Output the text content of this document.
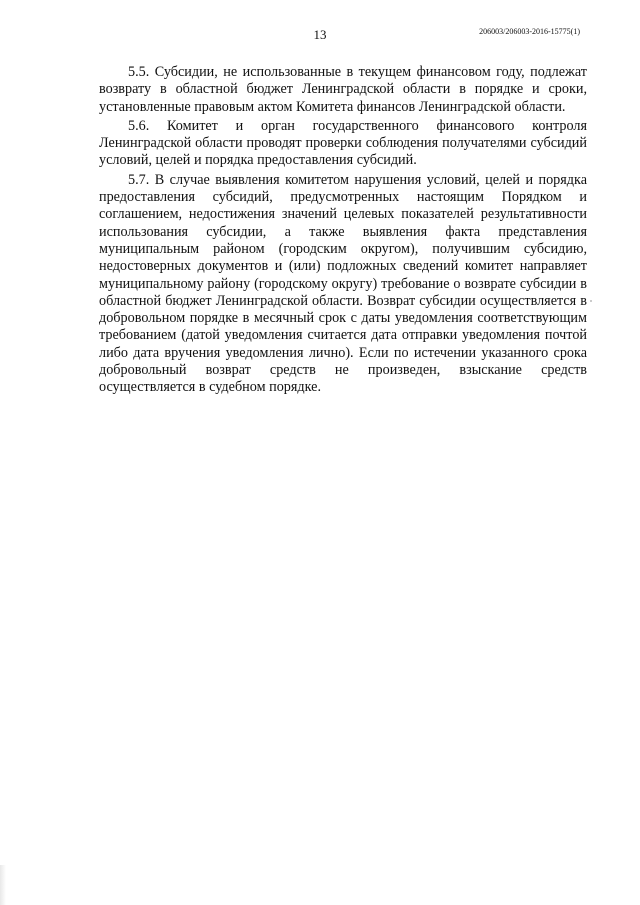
13	206003/206003-2016-15775(1)

5.5. Субсидии, не использованные в текущем финансовом году, подлежат возврату в областной бюджет Ленинградской области в порядке и сроки, установленные правовым актом Комитета финансов Ленинградской области.

5.6. Комитет и орган государственного финансового контроля Ленинградской области проводят проверки соблюдения получателями субсидий условий, целей и порядка предоставления субсидий.

5.7. В случае выявления комитетом нарушения условий, целей и порядка предоставления субсидий, предусмотренных настоящим Порядком и соглашением, недостижения значений целевых показателей результативности использования субсидии, а также выявления факта представления муниципальным районом (городским округом), получившим субсидию, недостоверных документов и (или) подложных сведений комитет направляет муниципальному району (городскому округу) требование о возврате субсидии в областной бюджет Ленинградской области. Возврат субсидии осуществляется в добровольном порядке в месячный срок с даты уведомления соответствующим требованием (датой уведомления считается дата отправки уведомления почтой либо дата вручения уведомления лично). Если по истечении указанного срока добровольный возврат средств не произведен, взыскание средств осуществляется в судебном порядке.
